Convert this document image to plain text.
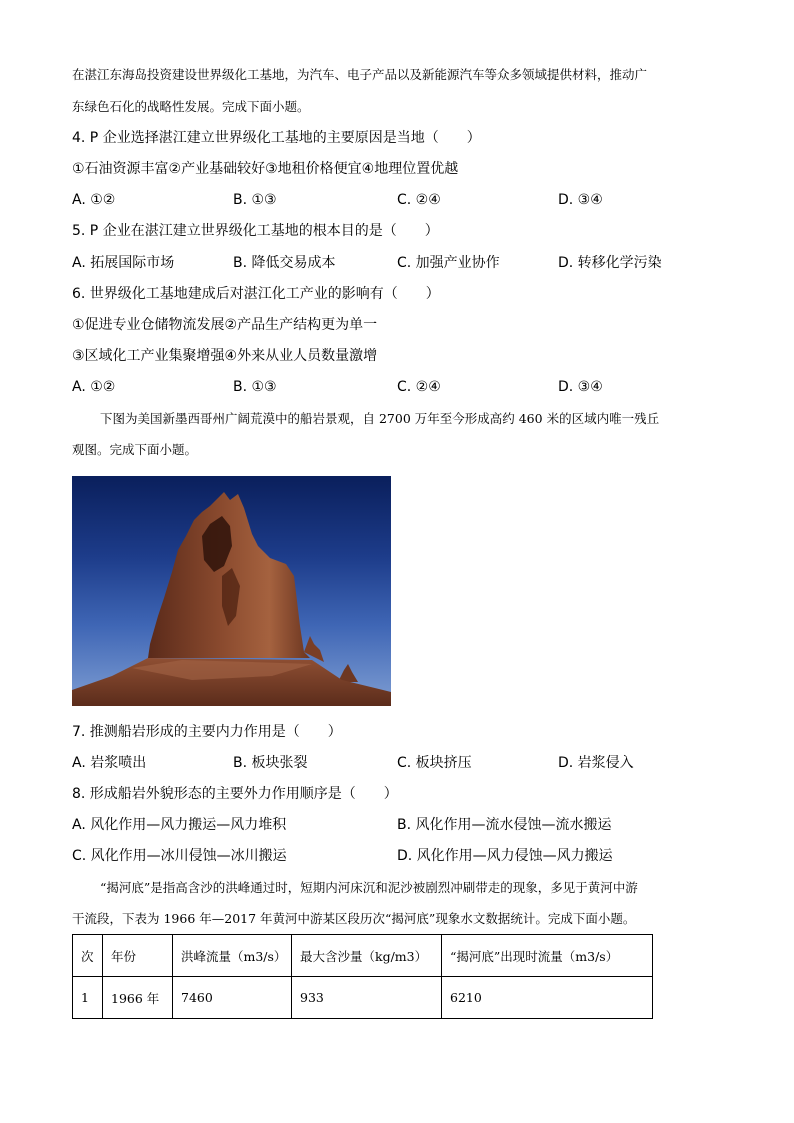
在湛江东海岛投资建设世界级化工基地，为汽车、电子产品以及新能源汽车等众多领域提供材料，推动广
东绿色石化的战略性发展。完成下面小题。
4. P 企业选择湛江建立世界级化工基地的主要原因是当地（　　）
①石油资源丰富②产业基础较好③地租价格便宜④地理位置优越
A. ①②	B. ①③	C. ②④	D. ③④
5. P 企业在湛江建立世界级化工基地的根本目的是（　　）
A. 拓展国际市场	B. 降低交易成本	C. 加强产业协作	D. 转移化学污染
6. 世界级化工基地建成后对湛江化工产业的影响有（　　）
①促进专业仓储物流发展②产品生产结构更为单一
③区域化工产业集聚增强④外来从业人员数量激增
A. ①②	B. ①③	C. ②④	D. ③④
下图为美国新墨西哥州广阔荒漠中的船岩景观，自 2700 万年至今形成高约 460 米的区域内唯一残丘
观图。完成下面小题。
7. 推测船岩形成的主要内力作用是（　　）
A. 岩浆喷出	B. 板块张裂	C. 板块挤压	D. 岩浆侵入
8. 形成船岩外貌形态的主要外力作用顺序是（　　）
A. 风化作用—风力搬运—风力堆积	B. 风化作用—流水侵蚀—流水搬运
C. 风化作用—冰川侵蚀—冰川搬运	D. 风化作用—风力侵蚀—风力搬运
“揭河底”是指高含沙的洪峰通过时，短期内河床沉和泥沙被剧烈冲刷带走的现象，多见于黄河中游
干流段，下表为 1966 年—2017 年黄河中游某区段历次“揭河底”现象水文数据统计。完成下面小题。
次	年份	洪峰流量（m3/s）	最大含沙量（kg/m3）	“揭河底”出现时流量（m3/s）
1	1966 年	7460	933	6210
